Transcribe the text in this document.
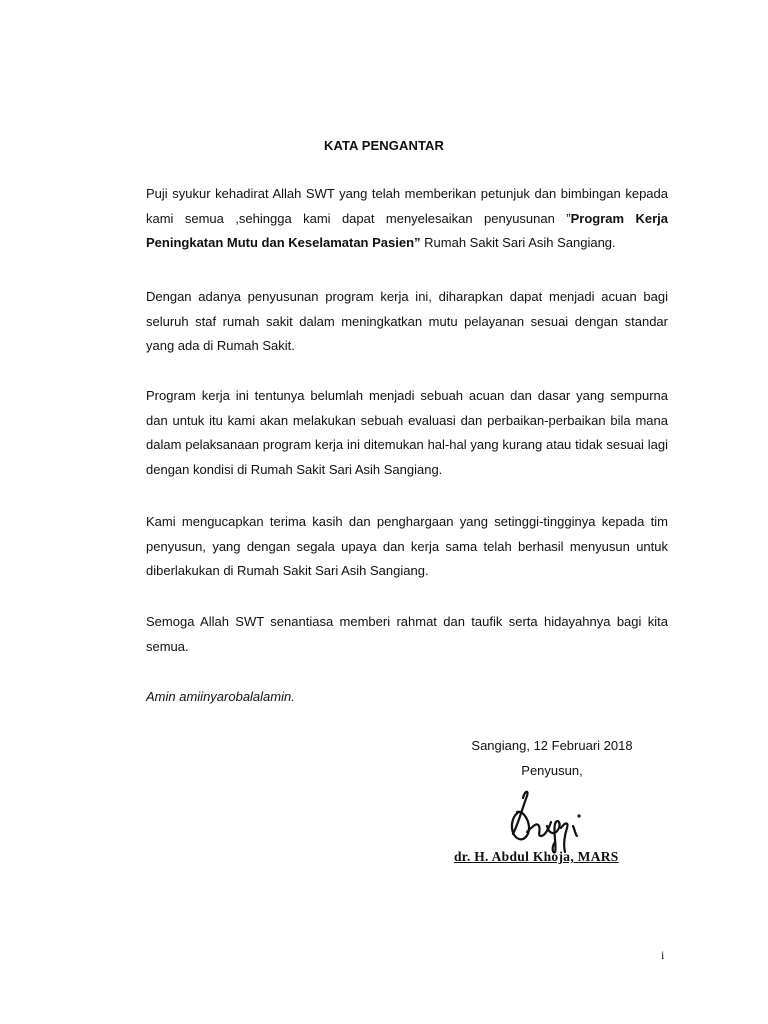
KATA PENGANTAR

Puji syukur kehadirat Allah SWT yang telah memberikan petunjuk dan bimbingan kepada kami semua ,sehingga kami dapat menyelesaikan penyusunan ”Program Kerja Peningkatan Mutu dan Keselamatan Pasien” Rumah Sakit Sari Asih Sangiang.

Dengan adanya penyusunan program kerja ini, diharapkan dapat menjadi acuan bagi seluruh staf rumah sakit dalam meningkatkan mutu pelayanan sesuai dengan standar yang ada di Rumah Sakit.

Program kerja ini tentunya belumlah menjadi sebuah acuan dan dasar yang sempurna dan untuk itu kami akan melakukan sebuah evaluasi dan perbaikan-perbaikan bila mana dalam pelaksanaan program kerja ini ditemukan hal-hal yang kurang atau tidak sesuai lagi dengan kondisi di Rumah Sakit Sari Asih Sangiang.

Kami mengucapkan terima kasih dan penghargaan yang setinggi-tingginya kepada tim penyusun, yang dengan segala upaya dan kerja sama telah berhasil menyusun untuk diberlakukan di Rumah Sakit Sari Asih Sangiang.

Semoga Allah SWT senantiasa memberi rahmat dan taufik serta hidayahnya bagi kita semua.

Amin amiinyarobalalamin.

Sangiang, 12 Februari 2018
Penyusun,
dr. H. Abdul Khoja, MARS
i
